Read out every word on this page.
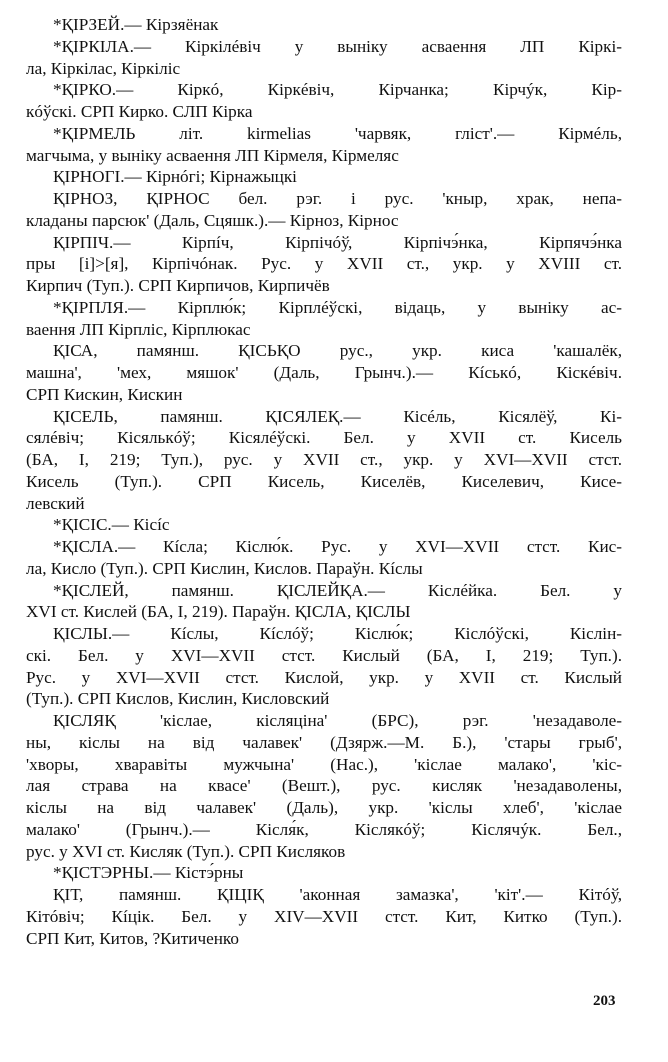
*ҚІРЗЕЙ.— Кірзяёнак
*ҚІРКІЛА.— Кіркілéвіч у выніку асваення ЛП Кіркі-
ла, Кіркілас, Кіркіліс
*ҚІРКО.— Кіркó, Кіркéвіч, Кірчанка; Кірчýк, Кір-
кóўскі. СРП Кирко. СЛП Кірка
*ҚІРМЕЛЬ літ. kirmelias 'чарвяк, гліст'.— Кірмéль,
магчыма, у выніку асваення ЛП Кірмеля, Кірмеляс
ҚІРНОГІ.— Кірнóгі; Кірнажыцкі
ҚІРНОЗ, ҚІРНОС бел. рэг. і рус. 'кныр, храк, непа-
кладаны парсюк' (Даль, Сцяшк.).— Кірноз, Кірнос
ҚІРПІЧ.— Кірпíч, Кірпічóў, Кірпічэ́нка, Кірпячэ́нка
пры [і]>[я], Кірпічóнак. Рус. у XVII ст., укр. у XVIII ст.
Кирпич (Туп.). СРП Кирпичов, Кирпичёв
*ҚІРПЛЯ.— Кірплю́к; Кірплéўскі, відаць, у выніку ас-
ваення ЛП Кірпліс, Кірплюкас
ҚІСА, памянш. ҚІСЬҚО рус., укр. киса 'кашалёк,
машна', 'мех, мяшок' (Даль, Грынч.).— Кíськó, Кіскéвіч.
СРП Кискин, Кискин
ҚІСЕЛЬ, памянш. ҚІСЯЛЕҚ.— Кісéль, Кісялёў, Кі-
сялéвіч; Кісялькóў; Кісялéўскі. Бел. у XVII ст. Кисель
(БА, І, 219; Туп.), рус. у XVII ст., укр. у XVI—XVII стст.
Кисель (Туп.). СРП Кисель, Киселёв, Киселевич, Кисе-
левский
*ҚІСІС.— Кісíс
*ҚІСЛА.— Кíсла; Кіслю́к. Рус. у XVI—XVII стст. Кис-
ла, Кисло (Туп.). СРП Кислин, Кислов. Параўн. Кíслы
*ҚІСЛЕЙ, памянш. ҚІСЛЕЙҚА.— Кіслéйка. Бел. у
XVI ст. Кислей (БА, І, 219). Параўн. ҚІСЛА, ҚІСЛЫ
ҚІСЛЫ.— Кíслы, Кíслóў; Кіслю́к; Кіслóўскі, Кіслін-
скі. Бел. у XVI—XVII стст. Кислый (БА, І, 219; Туп.).
Рус. у XVI—XVII стст. Кислой, укр. у XVII ст. Кислый
(Туп.). СРП Кислов, Кислин, Кисловский
ҚІСЛЯҚ 'кіслае, кісляціна' (БРС), рэг. 'незадаволе-
ны, кіслы на від чалавек' (Дзярж.—М. Б.), 'стары грыб',
'хворы, хваравіты мужчына' (Нас.), 'кіслае малако', 'кіс-
лая страва на квасе' (Вешт.), рус. кисляк 'незадаволены,
кіслы на від чалавек' (Даль), укр. 'кіслы хлеб', 'кіслае
малако' (Грынч.).— Кісля́к, Кіслякóў; Кіслячýк. Бел.,
рус. у XVI ст. Кисляк (Туп.). СРП Кисляков
*ҚІСТЭРНЫ.— Кістэ́рны
ҚІТ, памянш. ҚІЦІҚ 'аконная замазка', 'кіт'.— Кітóў,
Кітóвіч; Кíцік. Бел. у XIV—XVII стст. Кит, Китко (Туп.).
СРП Кит, Китов, ?Китиченко
203
